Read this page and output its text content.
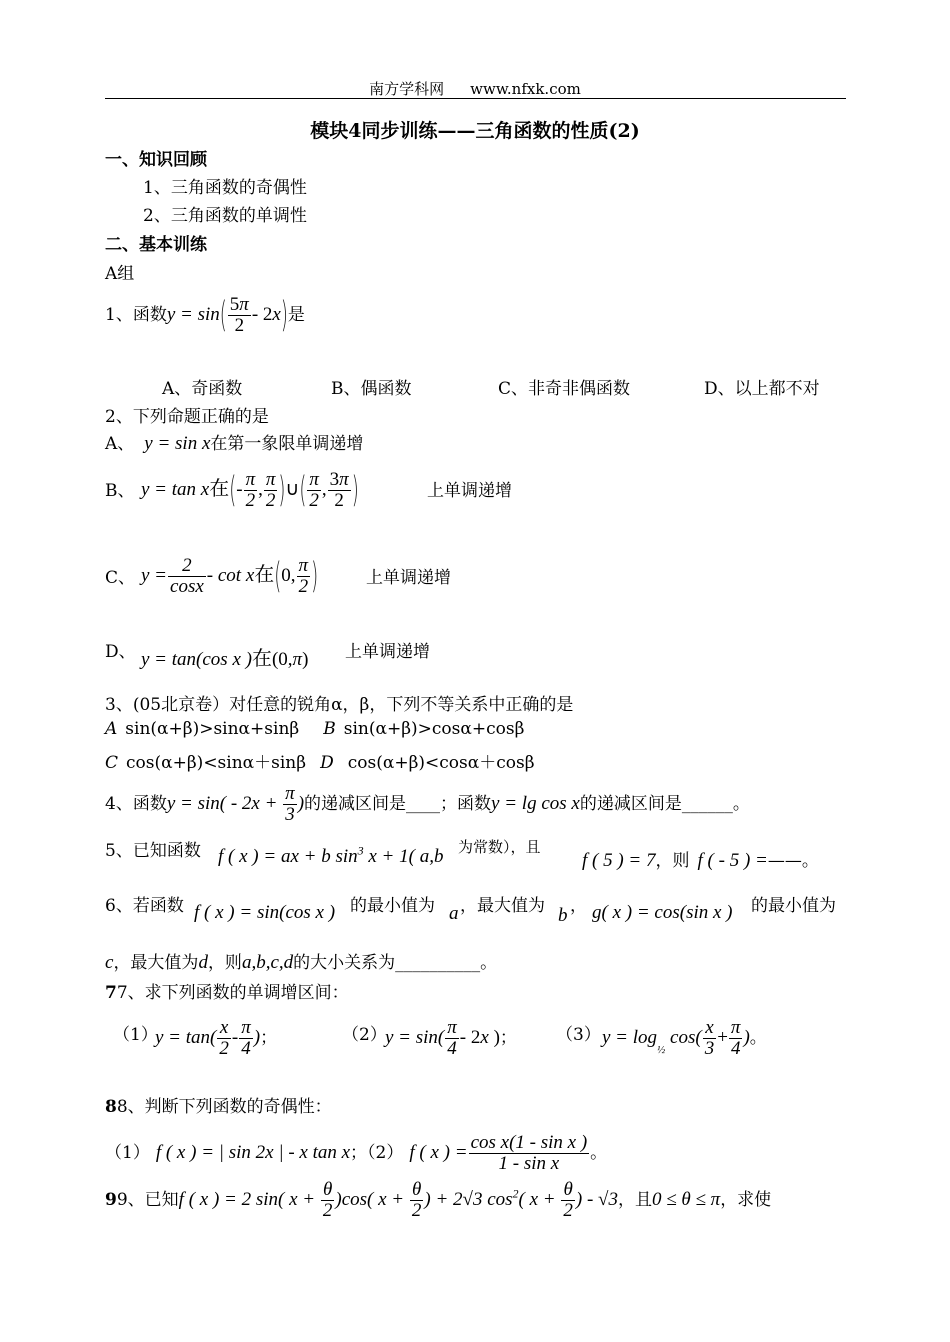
南方学科网 www.nfxk.com
模块4同步训练——三角函数的性质(2)
一、知识回顾
1、三角函数的奇偶性
2、三角函数的单调性
二、基本训练
A组
1、函数$y = \sin( \frac{5\pi}{2} - 2x)$是
A、奇函数	B、偶函数	C、非奇非偶函数	D、以上都不对
2、下列命题正确的是
A、 y = sin x在第一象限单调递增
B、 y = tan x在(- $\frac{\pi}{2}$ , $\frac{\pi}{2}$ )∪( $\frac{\pi}{2}$ , $\frac{3\pi}{2}$ )	上单调递增
C、 $y = \frac{2}{\cos x} - \cot x$在(0, $\frac{\pi}{2}$ )	上单调递增
D、 y = tan(cos x )在(0,π) 上单调递增
3、(05北京卷）对任意的锐角α，β，下列不等关系中正确的是
A sin(α+β)>sinα+sinβ B sin(α+β)>cosα+cosβ
C cos(α+β)<sinα＋sinβ D cos(α+β)<cosα＋cosβ
4、函数$y = \sin( - 2x + \frac{\pi}{3}$ )的递减区间是____；函数y = lg cos x的递减区间是______。
5、已知函数 f ( x ) = ax + b $\sin^3 x + 1$( a,b 为常数），且
f ( 5 ) = 7，则 f ( - 5 ) =——。
6、若函数 f ( x ) = sin(cos x ) 的最小值为 a ，最大值为 b ， g( x ) = cos(sin x ) 的最小值为
c，最大值为d，则a,b,c,d的大小关系为__________。
77、求下列函数的单调增区间：
（1）
$y = \tan( \frac{x}{2} - \frac{\pi}{4}$ )；	（2）
$y = \sin( \frac{\pi}{4} - 2x$ )； （3） $y = \log_{\frac{1}{2}} \cos( \frac{x}{3} + \frac{\pi}{4}$ )。
88、判断下列函数的奇偶性：
（1） f ( x ) = | sin 2x | - x tan x；（2） f ( x ) = $\frac{\text{cos x(1 - sin x )}}{\text{1 - sin x}}$ 。
99、已知f ( x ) = 2 sin( $x + \frac{\theta}{2} )\cos$( $x + \frac{\theta}{2}$ ) + 2√3 $\cos^2$( $x + \frac{\theta}{2}$ ) - √3，且0 ≤ θ ≤ π，求使
